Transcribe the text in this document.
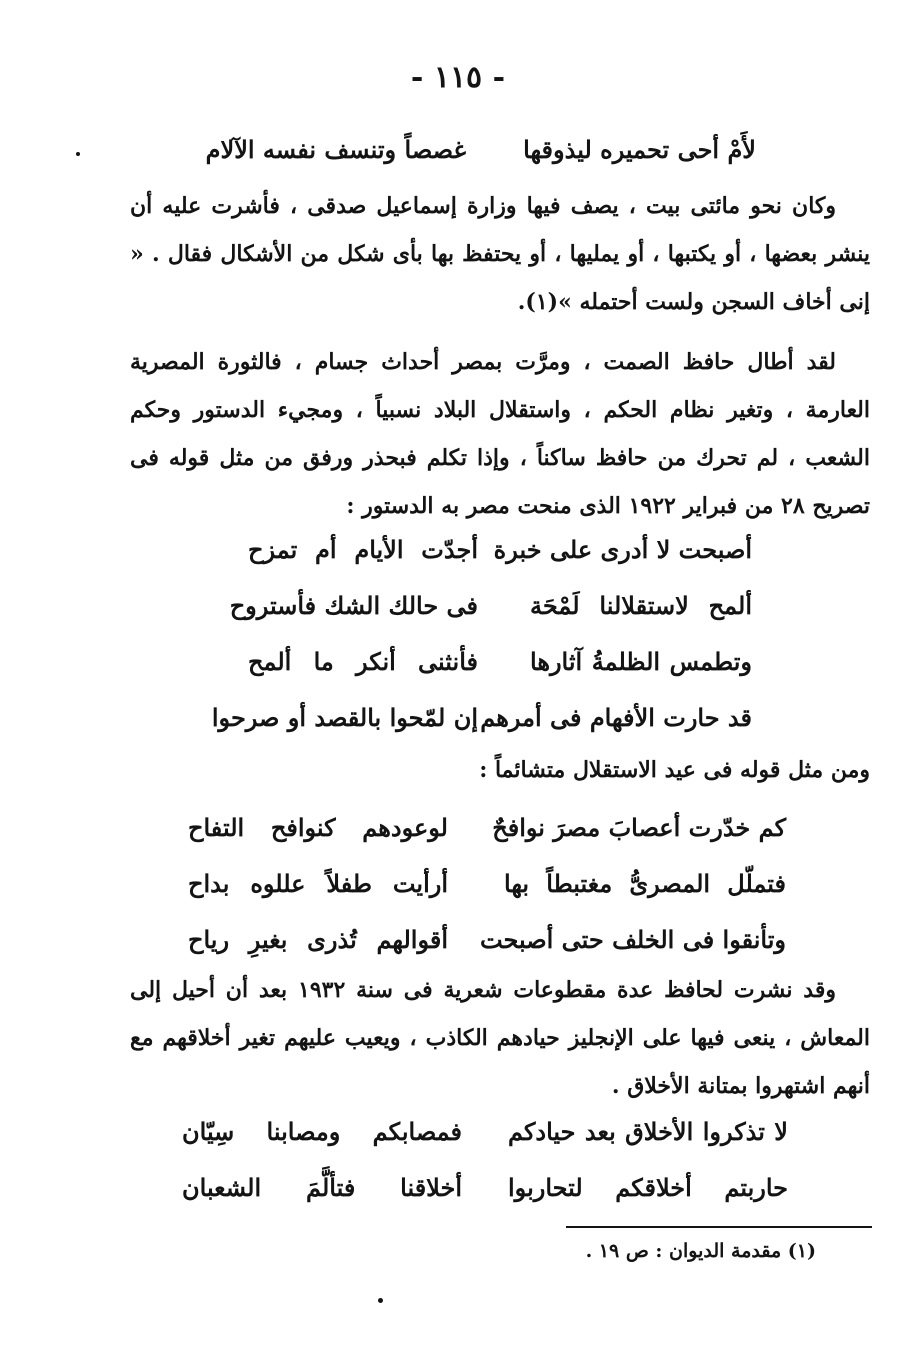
- ١١٥ -
لأَمْ أحى تحميره ليذوقها
غصصاً وتنسف نفسه الآلام

وكان نحو مائتى بيت ، يصف فيها وزارة إسماعيل صدقى ، فأشرت عليه أن ينشر بعضها ، أو يكتبها ، أو يمليها ، أو يحتفظ بها بأى شكل من الأشكال فقال . « إنى أخاف السجن ولست أحتمله »(١).

لقد أطال حافظ الصمت ، ومرَّت بمصر أحداث جسام ، فالثورة المصرية العارمة ، وتغير نظام الحكم ، واستقلال البلاد نسبياً ، ومجيء الدستور وحكم الشعب ، لم تحرك من حافظ ساكناً ، وإذا تكلم فبحذر ورفق من مثل قوله فى تصريح ٢٨ من فبراير ١٩٢٢ الذى منحت مصر به الدستور :

أصبحت لا أدرى على خبرة
أجدّت الأيام أم تمزح
ألمح لاستقلالنا لَمْحَة
فى حالك الشك فأستروح
وتطمس الظلمةُ آثارها
فأنثنى أنكر ما ألمح
قد حارت الأفهام فى أمرهم
إن لمّحوا بالقصد أو صرحوا

ومن مثل قوله فى عيد الاستقلال متشائماً :

كم خدّرت أعصابَ مصرَ نوافحٌ
لوعودهم كنوافح التفاح
فتملّل المصرىُّ مغتبطاً بها
أرأيت طفلاً عللوه بداح
وتأنقوا فى الخلف حتى أصبحت
أقوالهم تُذرى بغيرِ رياح

وقد نشرت لحافظ عدة مقطوعات شعرية فى سنة ١٩٣٢ بعد أن أحيل إلى المعاش ، ينعى فيها على الإنجليز حيادهم الكاذب ، ويعيب عليهم تغير أخلاقهم مع أنهم اشتهروا بمتانة الأخلاق .

لا تذكروا الأخلاق بعد حيادكم
فمصابكم ومصابنا سِيّان
حاربتم أخلاقكم لتحاربوا
أخلاقنا فتألَّمَ الشعبان
(١) مقدمة الديوان : ص ١٩ .
